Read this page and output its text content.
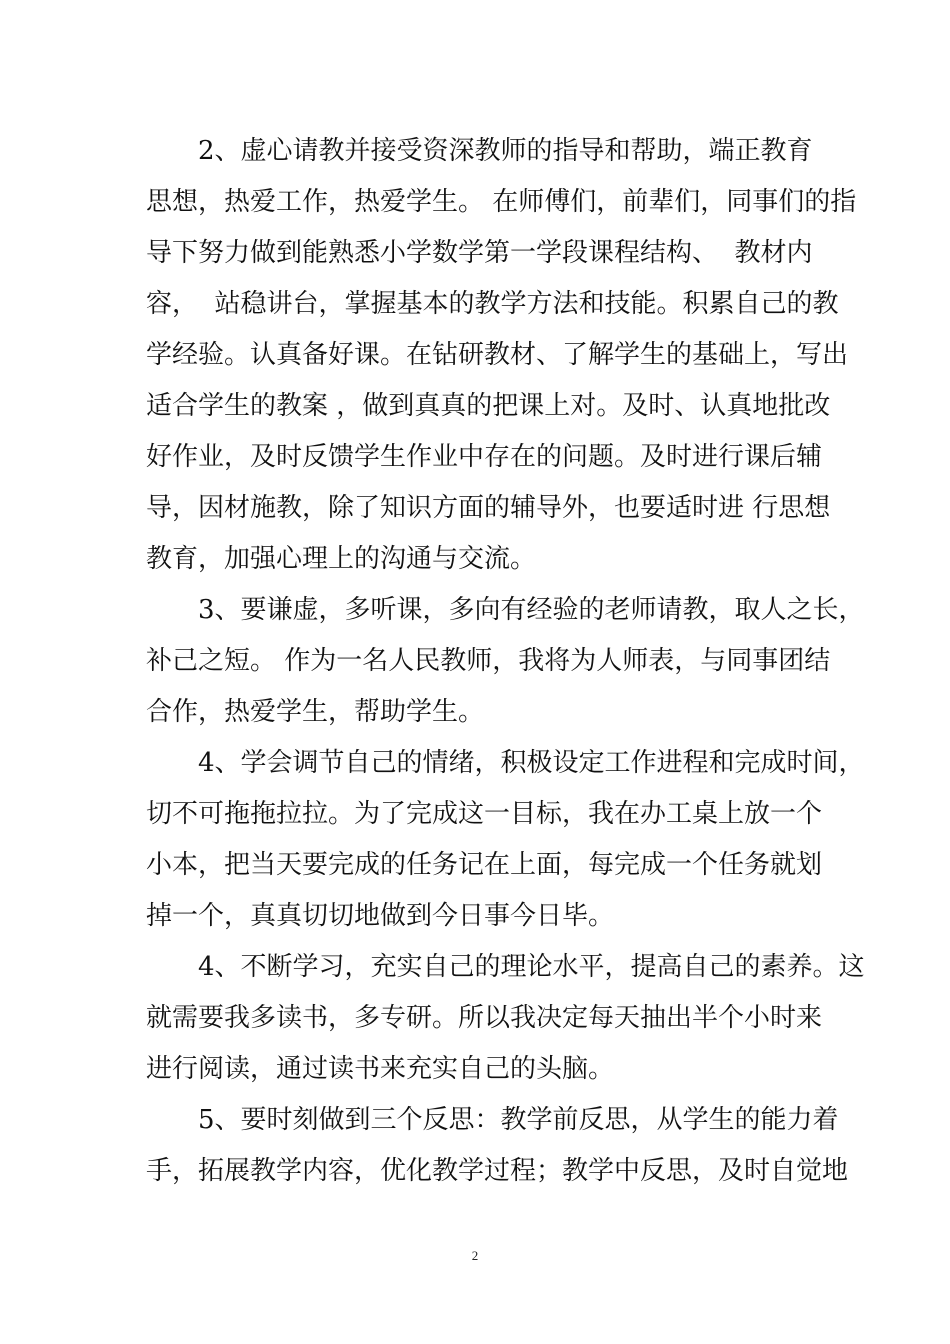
2、虚心请教并接受资深教师的指导和帮助，端正教育
思想，热爱工作，热爱学生。 在师傅们，前辈们，同事们的指
导下努力做到能熟悉小学数学第一学段课程结构、  教材内
容，  站稳讲台，掌握基本的教学方法和技能。积累自己的教
学经验。认真备好课。在钻研教材、了解学生的基础上，写出
适合学生的教案 ，做到真真的把课上对。及时、认真地批改
好作业，及时反馈学生作业中存在的问题。及时进行课后辅
导，因材施教，除了知识方面的辅导外，也要适时进 行思想
教育，加强心理上的沟通与交流。
3、要谦虚，多听课，多向有经验的老师请教，取人之长，
补己之短。 作为一名人民教师，我将为人师表，与同事团结
合作，热爱学生，帮助学生。
4、学会调节自己的情绪，积极设定工作进程和完成时间，
切不可拖拖拉拉。为了完成这一目标，我在办工桌上放一个
小本，把当天要完成的任务记在上面，每完成一个任务就划
掉一个，真真切切地做到今日事今日毕。
4、不断学习，充实自己的理论水平，提高自己的素养。这
就需要我多读书，多专研。所以我决定每天抽出半个小时来
进行阅读，通过读书来充实自己的头脑。
5、要时刻做到三个反思：教学前反思，从学生的能力着
手，拓展教学内容，优化教学过程；教学中反思，及时自觉地
2
